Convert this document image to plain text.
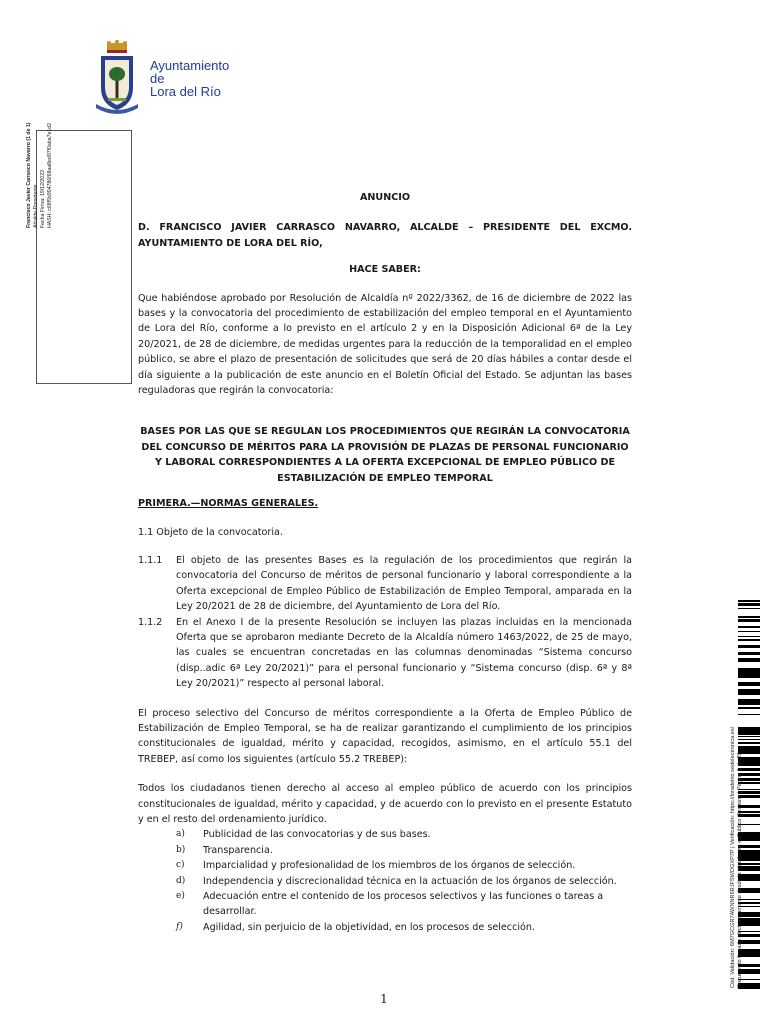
Ayuntamiento
de
Lora del Río
Francisco Javier Carrasco Navarro (1 de 1) Alcalde-Presidente Fecha Firma: 19/12/2022 HASH: c68f5b904786f68aa8ed97f0aba7e1d2	ANUNCIO

D. FRANCISCO JAVIER CARRASCO NAVARRO, ALCALDE – PRESIDENTE DEL EXCMO. AYUNTAMIENTO DE LORA DEL RÍO,

HACE SABER:

Que habiéndose aprobado por Resolución de Alcaldía nº 2022/3362, de 16 de diciembre de 2022 las bases y la convocatoria del procedimiento de estabilización del empleo temporal en el Ayuntamiento de Lora del Río, conforme a lo previsto en el artículo 2 y en la Disposición Adicional 6ª de la Ley 20/2021, de 28 de diciembre, de medidas urgentes para la reducción de la temporalidad en el empleo público, se abre el plazo de presentación de solicitudes que será de 20 días hábiles a contar desde el día siguiente a la publicación de este anuncio en el Boletín Oficial del Estado. Se adjuntan las bases reguladoras que regirán la convocatoria:

BASES POR LAS QUE SE REGULAN LOS PROCEDIMIENTOS QUE REGIRÁN LA CONVOCATORIA DEL CONCURSO DE MÉRITOS PARA LA PROVISIÓN DE PLAZAS DE PERSONAL FUNCIONARIO Y LABORAL CORRESPONDIENTES A LA OFERTA EXCEPCIONAL DE EMPLEO PÚBLICO DE ESTABILIZACIÓN DE EMPLEO TEMPORAL

PRIMERA.—NORMAS GENERALES.

1.1 Objeto de la convocatoria.

1.1.1	El objeto de las presentes Bases es la regulación de los procedimientos que regirán la convocatoria del Concurso de méritos de personal funcionario y laboral correspondiente a la Oferta excepcional de Empleo Público de Estabilización de Empleo Temporal, amparada en la Ley 20/2021 de 28 de diciembre, del Ayuntamiento de Lora del Río.
1.1.2	En el Anexo I de la presente Resolución se incluyen las plazas incluidas en la mencionada Oferta que se aprobaron mediante Decreto de la Alcaldía número 1463/2022, de 25 de mayo, las cuales se encuentran concretadas en las columnas denominadas “Sistema concurso (disp..adic 6ª Ley 20/2021)” para el personal funcionario y “Sistema concurso (disp. 6ª y 8ª Ley 20/2021)” respecto al personal laboral.

El proceso selectivo del Concurso de méritos correspondiente a la Oferta de Empleo Público de Estabilización de Empleo Temporal, se ha de realizar garantizando el cumplimiento de los principios constitucionales de igualdad, mérito y capacidad, recogidos, asimismo, en el artículo 55.1 del TREBEP, así como los siguientes (artículo 55.2 TREBEP):

Todos los ciudadanos tienen derecho al acceso al empleo público de acuerdo con los principios constitucionales de igualdad, mérito y capacidad, y de acuerdo con lo previsto en el presente Estatuto y en el resto del ordenamiento jurídico.

a)	Publicidad de las convocatorias y de sus bases.
b)	Transparencia.
c)	Imparcialidad y profesionalidad de los miembros de los órganos de selección.
d)	Independencia y discrecionalidad técnica en la actuación de los órganos de selección.
e)	Adecuación entre el contenido de los procesos selectivos y las funciones o tareas a desarrollar.
f)	Agilidad, sin perjuicio de la objetividad, en los procesos de selección.	Cód. Validación: 6M7GCGR7AWNNR6RJFSWDGXP7P | Verificación: https://loradelrio.sedelectronica.es/ Documento firmado electrónicamente desde la plataforma esPublico Gestiona | Página 1 de 20
1
